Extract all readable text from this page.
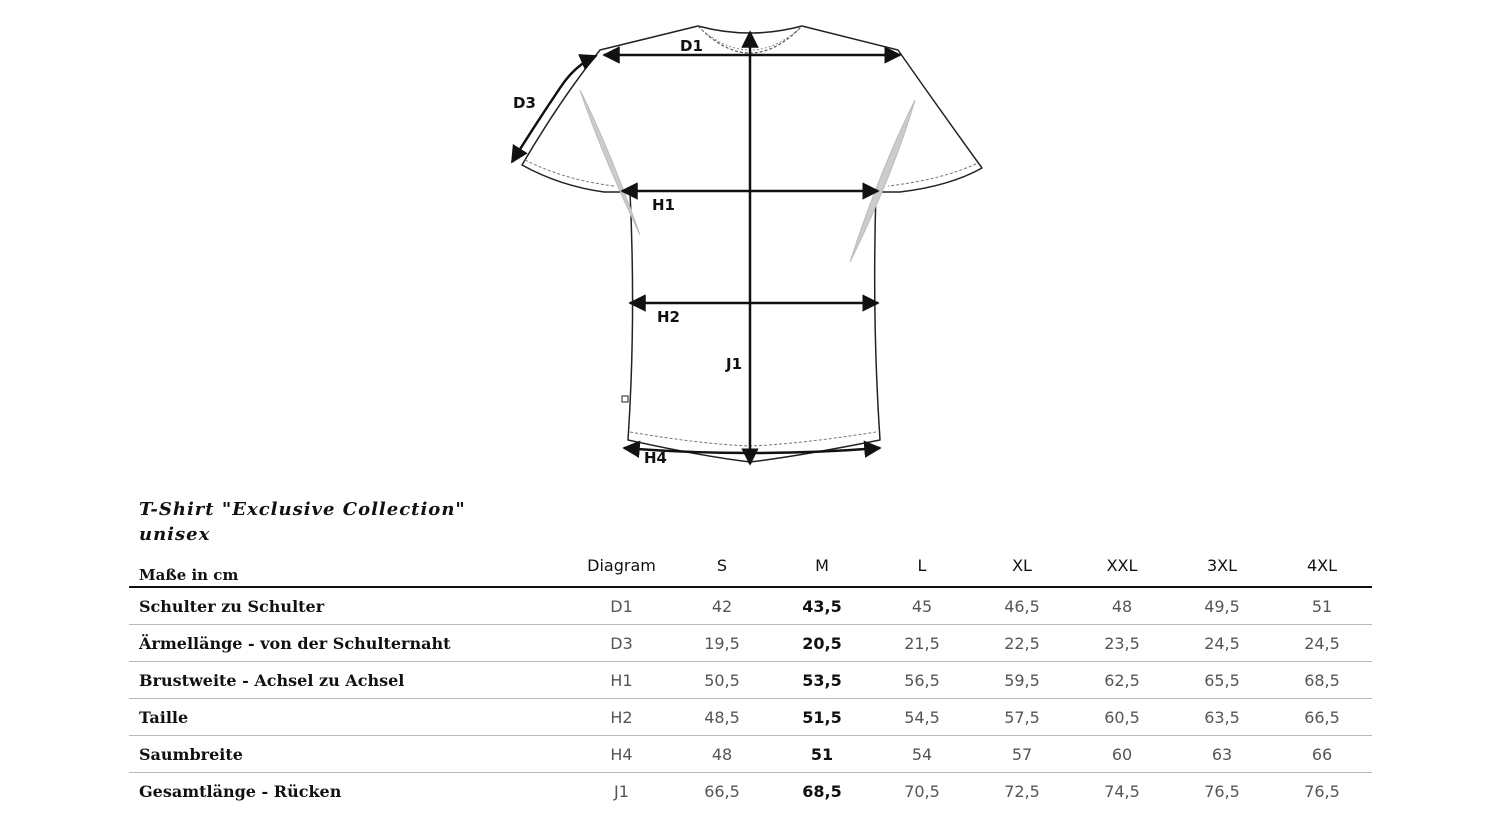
D1
D3
H1
H2
J1
H4
T-Shirt "Exclusive Collection"
unisex
Maße in cm	Diagram	S	M	L	XL	XXL	3XL	4XL
Schulter zu Schulter	D1	42	43,5	45	46,5	48	49,5	51
Ärmellänge - von der Schulternaht	D3	19,5	20,5	21,5	22,5	23,5	24,5	24,5
Brustweite - Achsel zu Achsel	H1	50,5	53,5	56,5	59,5	62,5	65,5	68,5
Taille	H2	48,5	51,5	54,5	57,5	60,5	63,5	66,5
Saumbreite	H4	48	51	54	57	60	63	66
Gesamtlänge - Rücken	J1	66,5	68,5	70,5	72,5	74,5	76,5	76,5
